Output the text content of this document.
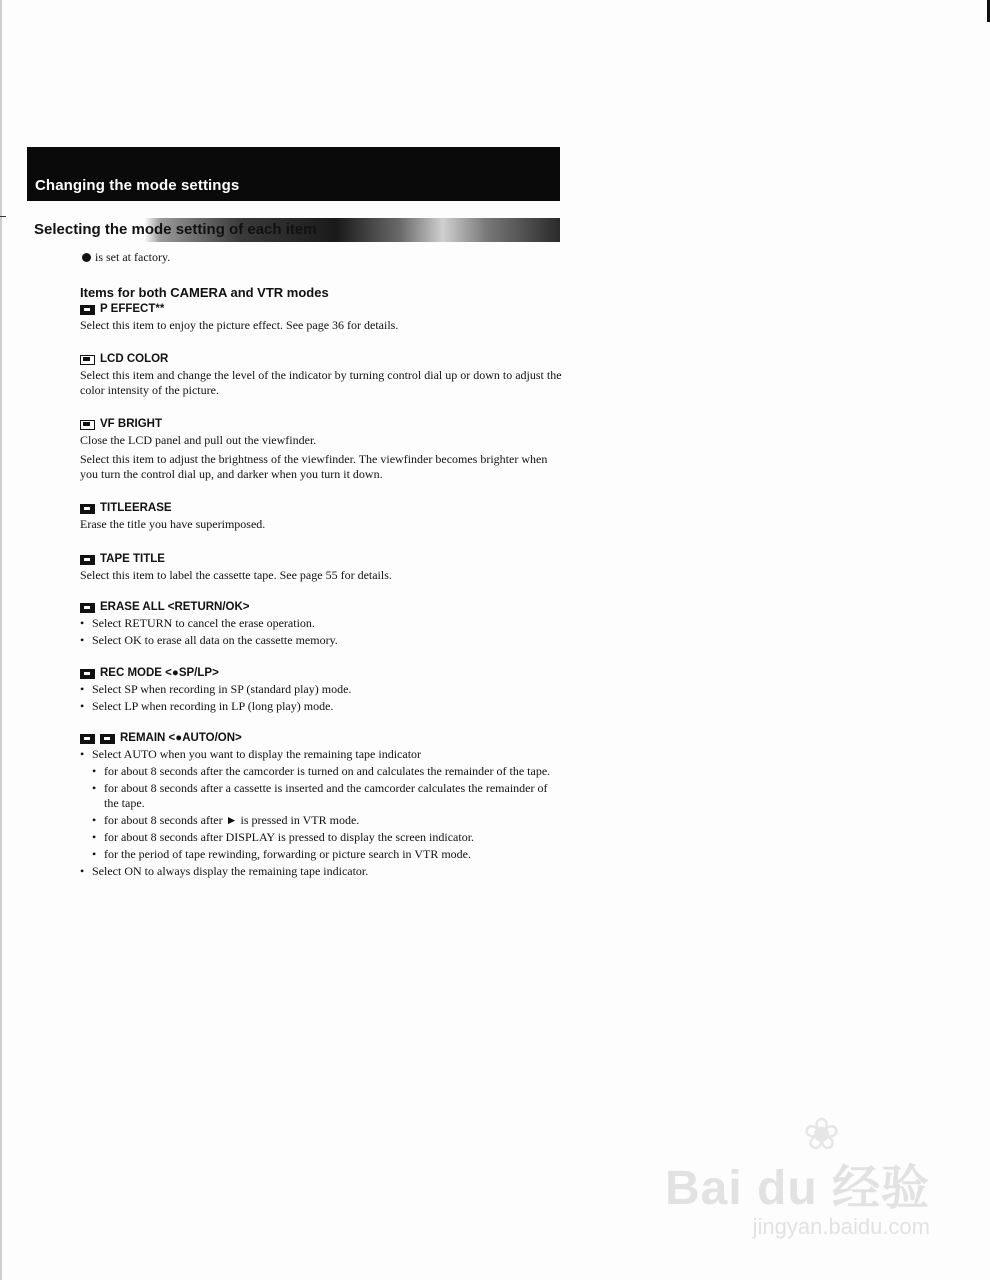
Changing the mode settings
Selecting the mode setting of each item
is set at factory.
Items for both CAMERA and VTR modes
P EFFECT**

Select this item to enjoy the picture effect. See page 36 for details.

LCD COLOR

Select this item and change the level of the indicator by turning control dial up or down to adjust the color intensity of the picture.

VF BRIGHT

Close the LCD panel and pull out the viewfinder.

Select this item to adjust the brightness of the viewfinder. The viewfinder becomes brighter when you turn the control dial up, and darker when you turn it down.

TITLEERASE

Erase the title you have superimposed.

TAPE TITLE

Select this item to label the cassette tape. See page 55 for details.

ERASE ALL <RETURN/OK>
• Select RETURN to cancel the erase operation.
• Select OK to erase all data on the cassette memory.
REC MODE <●SP/LP>
• Select SP when recording in SP (standard play) mode.
• Select LP when recording in LP (long play) mode.
REMAIN <●AUTO/ON>
• Select AUTO when you want to display the remaining tape indicator
• for about 8 seconds after the camcorder is turned on and calculates the remainder of the tape.
• for about 8 seconds after a cassette is inserted and the camcorder calculates the remainder of the tape.
• for about 8 seconds after ► is pressed in VTR mode.
• for about 8 seconds after DISPLAY is pressed to display the screen indicator.
• for the period of tape rewinding, forwarding or picture search in VTR mode.
• Select ON to always display the remaining tape indicator.
❀
Bai du 经验
jingyan.baidu.com
